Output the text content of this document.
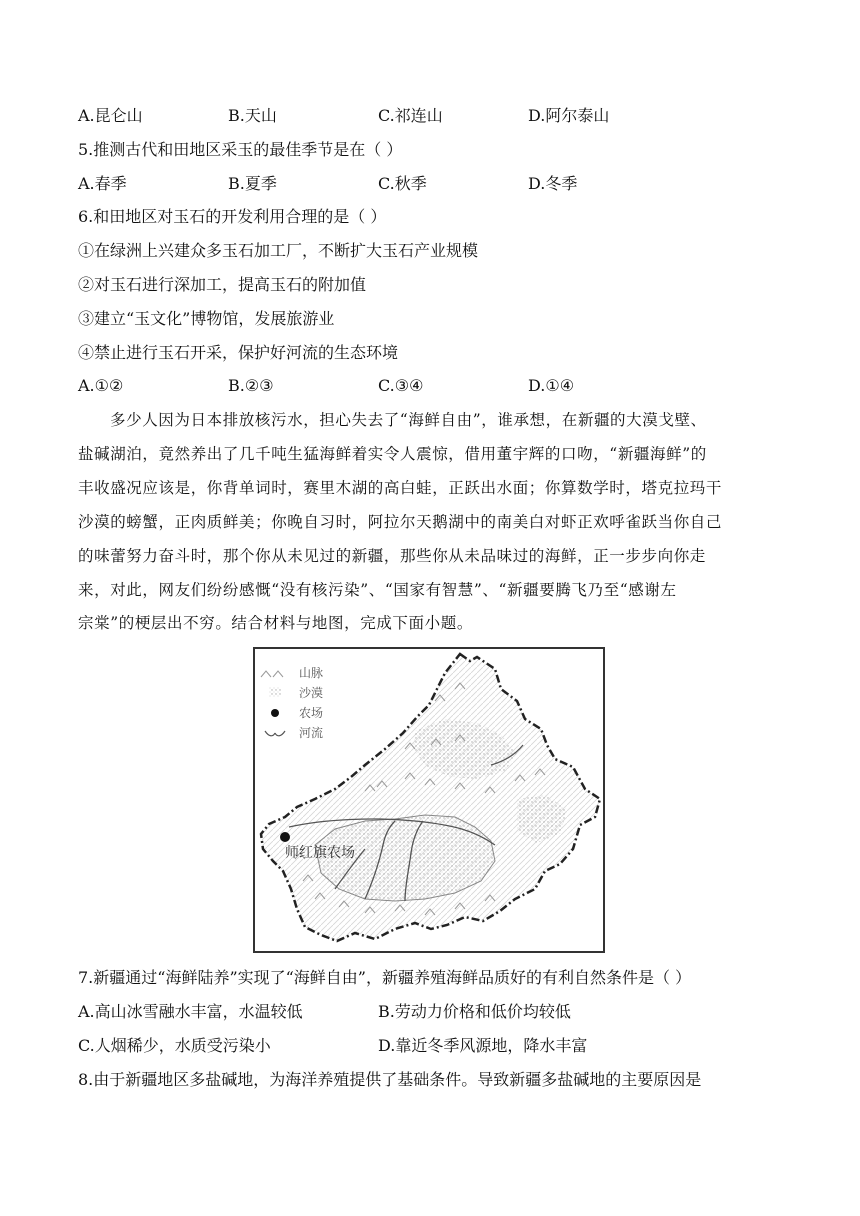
A.昆仑山	B.天山	C.祁连山	D.阿尔泰山
5.推测古代和田地区采玉的最佳季节是在（ ）
A.春季	B.夏季	C.秋季	D.冬季
6.和田地区对玉石的开发利用合理的是（ ）
①在绿洲上兴建众多玉石加工厂，不断扩大玉石产业规模
②对玉石进行深加工，提高玉石的附加值
③建立“玉文化”博物馆，发展旅游业
④禁止进行玉石开采，保护好河流的生态环境
A.①②	B.②③	C.③④	D.①④
多少人因为日本排放核污水，担心失去了“海鲜自由”，谁承想，在新疆的大漠戈壁、
盐碱湖泊，竟然养出了几千吨生猛海鲜着实令人震惊，借用董宇辉的口吻，“新疆海鲜”的
丰收盛况应该是，你背单词时，赛里木湖的高白蛙，正跃出水面；你算数学时，塔克拉玛干
沙漠的螃蟹，正肉质鲜美；你晚自习时，阿拉尔天鹅湖中的南美白对虾正欢呼雀跃当你自己
的味蕾努力奋斗时，那个你从未见过的新疆，那些你从未品味过的海鲜，正一步步向你走
来，对此，网友们纷纷感慨“没有核污染”、“国家有智慧”、“新疆要腾飞乃至“感谢左
宗棠”的梗层出不穷。结合材料与地图，完成下面小题。
山脉
沙漠
农场
河流
师红旗农场
7.新疆通过“海鲜陆养”实现了“海鲜自由”，新疆养殖海鲜品质好的有利自然条件是（ ）
A.高山冰雪融水丰富，水温较低	B.劳动力价格和低价均较低
C.人烟稀少，水质受污染小	D.靠近冬季风源地，降水丰富
8.由于新疆地区多盐碱地，为海洋养殖提供了基础条件。导致新疆多盐碱地的主要原因是
